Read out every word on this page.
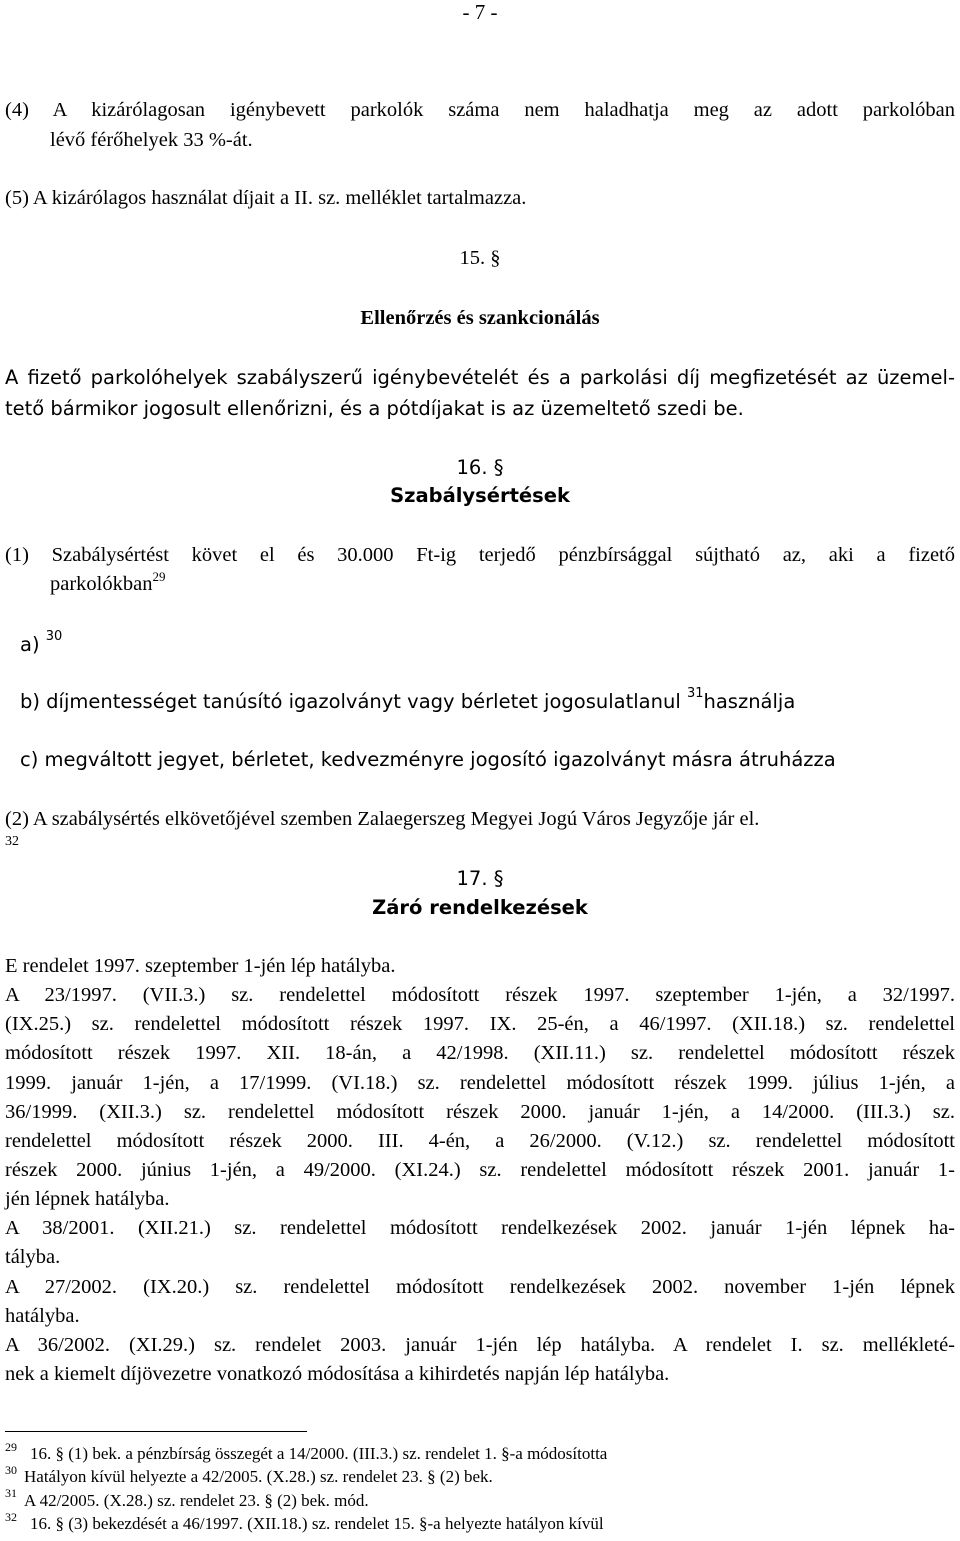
- 7 -
(4) A kizárólagosan igénybevett parkolók száma nem haladhatja meg az adott parkolóban
lévő férőhelyek 33 %-át.
(5) A kizárólagos használat díjait a II. sz. melléklet tartalmazza.
15. §
Ellenőrzés és szankcionálás
A fizető parkolóhelyek szabályszerű igénybevételét és a parkolási díj megfizetését az üzemel-
tető bármikor jogosult ellenőrizni, és a pótdíjakat is az üzemeltető szedi be.
16. §
Szabálysértések
(1) Szabálysértést követ el és 30.000 Ft-ig terjedő pénzbírsággal sújtható az, aki a fizető
parkolókban$^{29}$
a) $^{30}$
b) díjmentességet tanúsító igazolványt vagy bérletet jogosulatlanul $^{31}$használja
c) megváltott jegyet, bérletet, kedvezményre jogosító igazolványt másra átruházza
(2) A szabálysértés elkövetőjével szemben Zalaegerszeg Megyei Jogú Város Jegyzője jár el.
32
17. §
Záró rendelkezések
E rendelet 1997. szeptember 1-jén lép hatályba.
A 23/1997. (VII.3.) sz. rendelettel módosított részek 1997. szeptember 1-jén, a 32/1997.
(IX.25.) sz. rendelettel módosított részek 1997. IX. 25-én, a 46/1997. (XII.18.) sz. rendelettel
módosított részek 1997. XII. 18-án, a 42/1998. (XII.11.) sz. rendelettel módosított részek
1999. január 1-jén, a 17/1999. (VI.18.) sz. rendelettel módosított részek 1999. július 1-jén, a
36/1999. (XII.3.) sz. rendelettel módosított részek 2000. január 1-jén, a 14/2000. (III.3.) sz.
rendelettel módosított részek 2000. III. 4-én, a 26/2000. (V.12.) sz. rendelettel módosított
részek 2000. június 1-jén, a 49/2000. (XI.24.) sz. rendelettel módosított részek 2001. január 1-
jén lépnek hatályba.
A 38/2001. (XII.21.) sz. rendelettel módosított rendelkezések 2002. január 1-jén lépnek ha-
tályba.
A 27/2002. (IX.20.) sz. rendelettel módosított rendelkezések 2002. november 1-jén lépnek
hatályba.
A 36/2002. (XI.29.) sz. rendelet 2003. január 1-jén lép hatályba. A rendelet I. sz. mellékleté-
nek a kiemelt díjövezetre vonatkozó módosítása a kihirdetés napján lép hatályba.
29 16. § (1) bek. a pénzbírság összegét a 14/2000. (III.3.) sz. rendelet 1. §-a módosította
30 Hatályon kívül helyezte a 42/2005. (X.28.) sz. rendelet 23. § (2) bek.
31 A 42/2005. (X.28.) sz. rendelet 23. § (2) bek. mód.
32 16. § (3) bekezdését a 46/1997. (XII.18.) sz. rendelet 15. §-a helyezte hatályon kívül
